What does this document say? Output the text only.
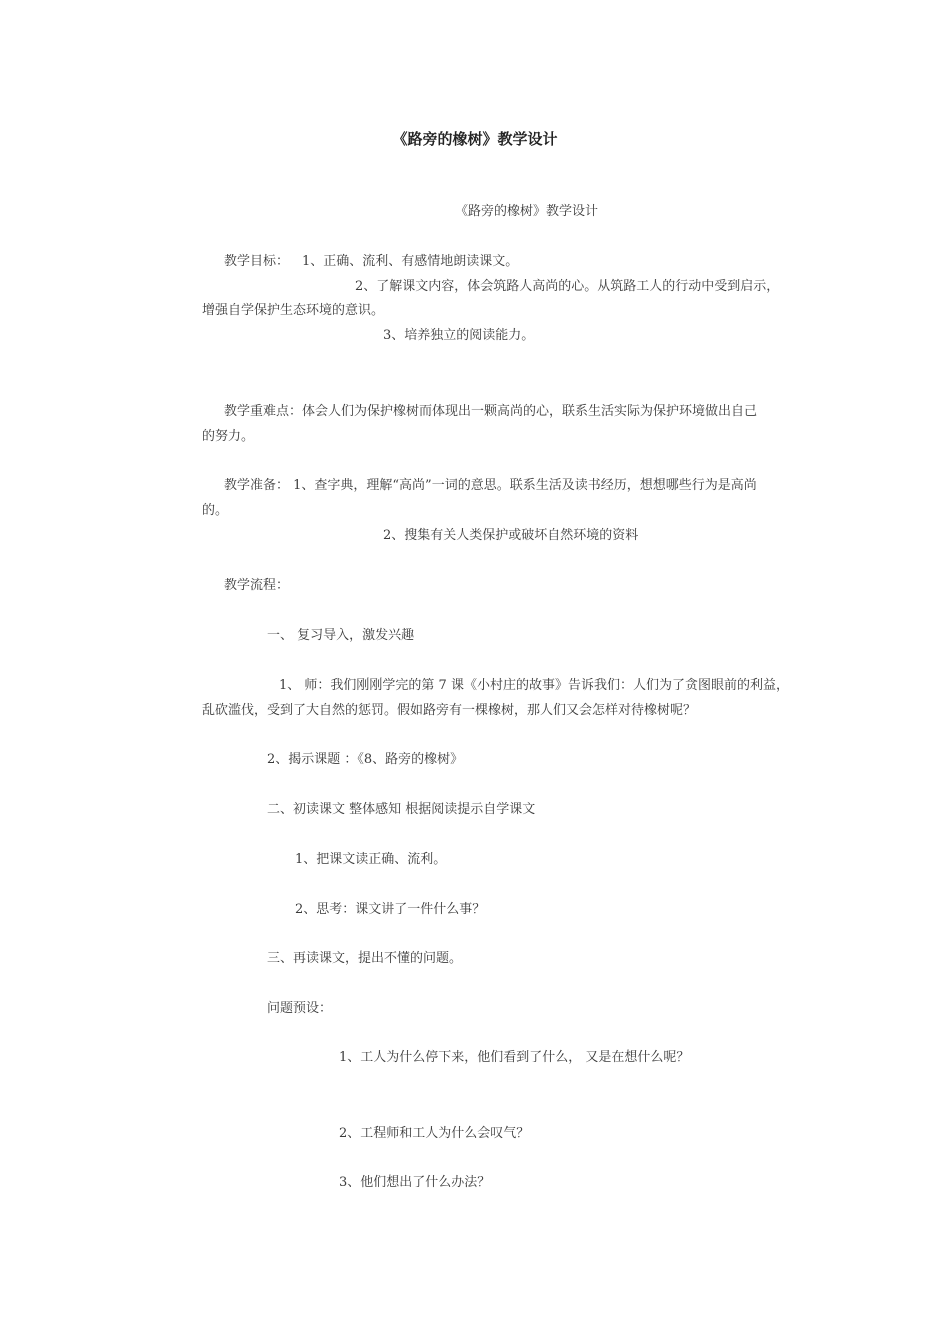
《路旁的橡树》教学设计
《路旁的橡树》教学设计
教学目标： 1、正确、流利、有感情地朗读课文。
2、了解课文内容，体会筑路人高尚的心。从筑路工人的行动中受到启示，
增强自学保护生态环境的意识。
3、培养独立的阅读能力。
教学重难点：体会人们为保护橡树而体现出一颗高尚的心，联系生活实际为保护环境做出自己
的努力。
教学准备： 1、查字典，理解“高尚”一词的意思。联系生活及读书经历，想想哪些行为是高尚
的。
2、搜集有关人类保护或破坏自然环境的资料
教学流程：
一、 复习导入，激发兴趣
1、 师：我们刚刚学完的第 7 课《小村庄的故事》告诉我们：人们为了贪图眼前的利益，
乱砍滥伐，受到了大自然的惩罚。假如路旁有一棵橡树，那人们又会怎样对待橡树呢？
2、揭示课题 ：《8、路旁的橡树》
二、初读课文 整体感知 根据阅读提示自学课文
1、把课文读正确、流利。
2、思考：课文讲了一件什么事？
三、再读课文，提出不懂的问题。
问题预设：
1、工人为什么停下来，他们看到了什么， 又是在想什么呢？
2、工程师和工人为什么会叹气？
3、他们想出了什么办法？
